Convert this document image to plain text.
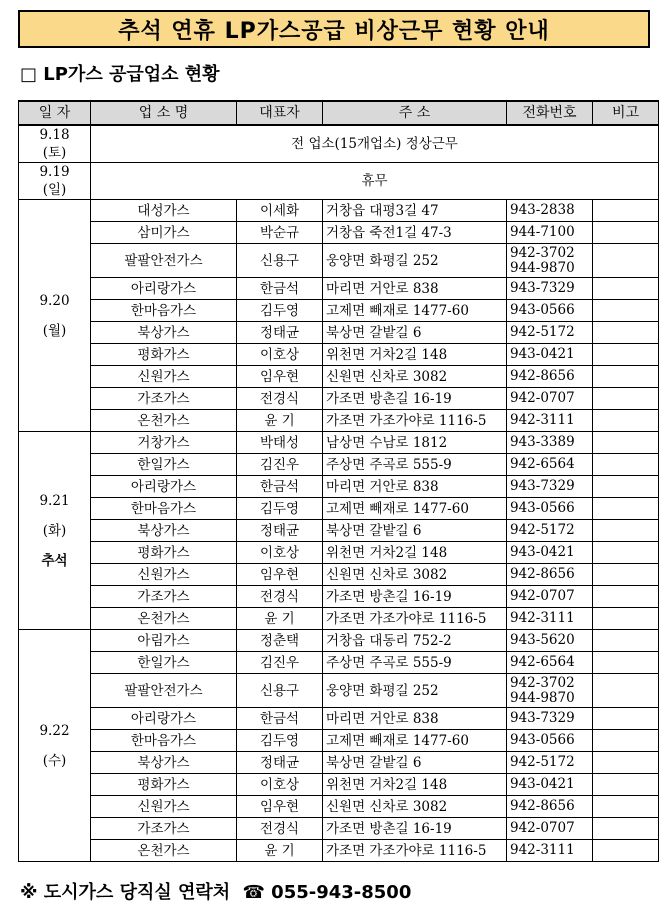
추석 연휴 LP가스공급 비상근무 현황 안내
□ LP가스 공급업소 현황
일 자	업 소 명	대표자	주 소	전화번호	비고
9.18
(토)	전 업소(15개업소) 정상근무				
9.19
(일)	휴무				

9.20
(월)	대성가스	이세화	거창읍 대평3길 47	943-2838	

	삼미가스	박순규	거창읍 죽전1길 47-3	944-7100	

	팔팔안전가스	신용구	웅양면 화평길 252	942-3702
944-9870	

	아리랑가스	한금석	마리면 거안로 838	943-7329	

	한마음가스	김두영	고제면 빼재로 1477-60	943-0566	

	북상가스	정태균	북상면 갈밭길 6	942-5172	

	평화가스	이호상	위천면 거차2길 148	943-0421	

	신원가스	임우현	신원면 신차로 3082	942-8656	

	가조가스	전경식	가조면 방촌길 16-19	942-0707	

	온천가스	윤 기	가조면 가조가야로 1116-5	942-3111	

9.21
(화)
추석	거창가스	박태성	남상면 수남로 1812	943-3389	

	한일가스	김진우	주상면 주곡로 555-9	942-6564	

	아리랑가스	한금석	마리면 거안로 838	943-7329	

	한마음가스	김두영	고제면 빼재로 1477-60	943-0566	

	북상가스	정태균	북상면 갈밭길 6	942-5172	

	평화가스	이호상	위천면 거차2길 148	943-0421	

	신원가스	임우현	신원면 신차로 3082	942-8656	

	가조가스	전경식	가조면 방촌길 16-19	942-0707	

	온천가스	윤 기	가조면 가조가야로 1116-5	942-3111	

9.22
(수)	아림가스	정춘택	거창읍 대동리 752-2	943-5620	

	한일가스	김진우	주상면 주곡로 555-9	942-6564	

	팔팔안전가스	신용구	웅양면 화평길 252	942-3702
944-9870	

	아리랑가스	한금석	마리면 거안로 838	943-7329	

	한마음가스	김두영	고제면 빼재로 1477-60	943-0566	

	북상가스	정태균	북상면 갈밭길 6	942-5172	

	평화가스	이호상	위천면 거차2길 148	943-0421	

	신원가스	임우현	신원면 신차로 3082	942-8656	

	가조가스	전경식	가조면 방촌길 16-19	942-0707	

	온천가스	윤 기	가조면 가조가야로 1116-5	942-3111	

※ 도시가스 당직실 연락처 ☎ 055-943-8500
